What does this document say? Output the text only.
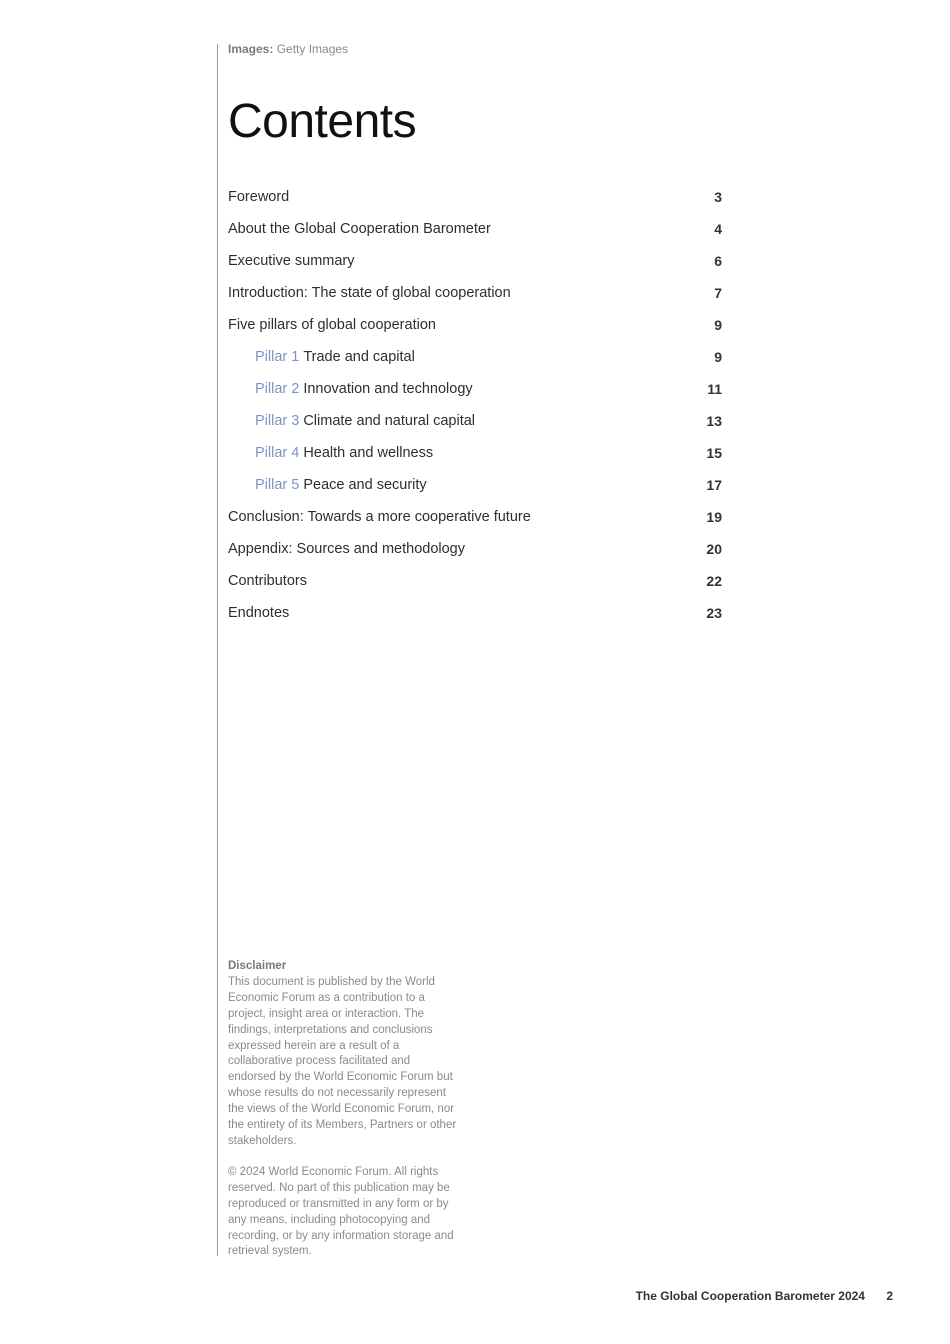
Images: Getty Images
Contents
Foreword	3
About the Global Cooperation Barometer	4
Executive summary	6
Introduction: The state of global cooperation	7
Five pillars of global cooperation	9
Pillar 1 Trade and capital	9
Pillar 2 Innovation and technology	11
Pillar 3 Climate and natural capital	13
Pillar 4 Health and wellness	15
Pillar 5 Peace and security	17
Conclusion: Towards a more cooperative future	19
Appendix: Sources and methodology	20
Contributors	22
Endnotes	23
Disclaimer

This document is published by the World Economic Forum as a contribution to a project, insight area or interaction. The findings, interpretations and conclusions expressed herein are a result of a collaborative process facilitated and endorsed by the World Economic Forum but whose results do not necessarily represent the views of the World Economic Forum, nor the entirety of its Members, Partners or other stakeholders.

© 2024 World Economic Forum. All rights reserved. No part of this publication may be reproduced or transmitted in any form or by any means, including photocopying and recording, or by any information storage and retrieval system.

The Global Cooperation Barometer 2024 2
